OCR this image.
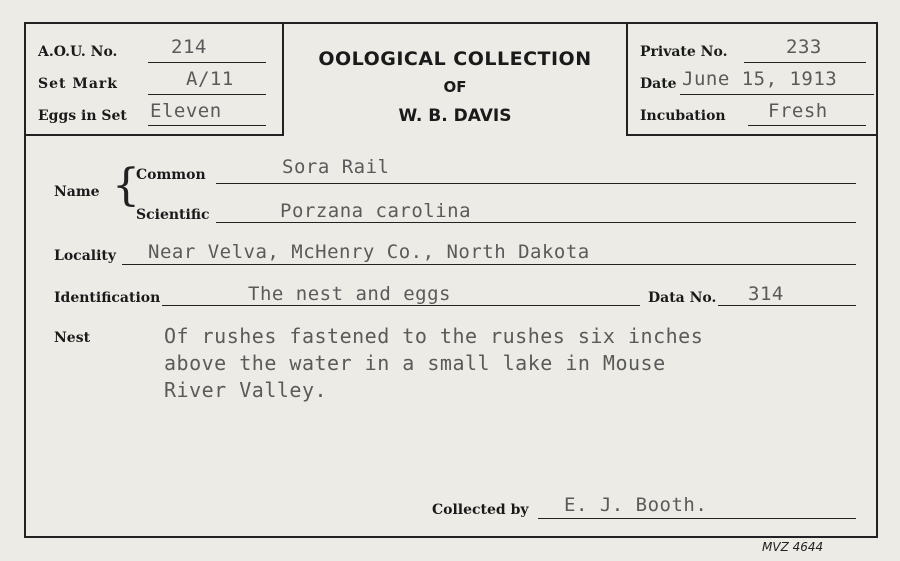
A.O.U. No.	214
Set Mark	A/11
Eggs in Set Eleven
OOLOGICAL COLLECTION
OF
W. B. DAVIS
Private No.	233
Date June 15, 1913
Incubation Fresh
Name {
Common	Sora Rail
Scientific	Porzana carolina
Locality Near Velva, McHenry Co., North Dakota
Identification	The nest and eggs	Data No. 314
Nest	Of rushes fastened to the rushes six inches
above the water in a small lake in Mouse
River Valley.
Collected by E. J. Booth.
MVZ 4644
